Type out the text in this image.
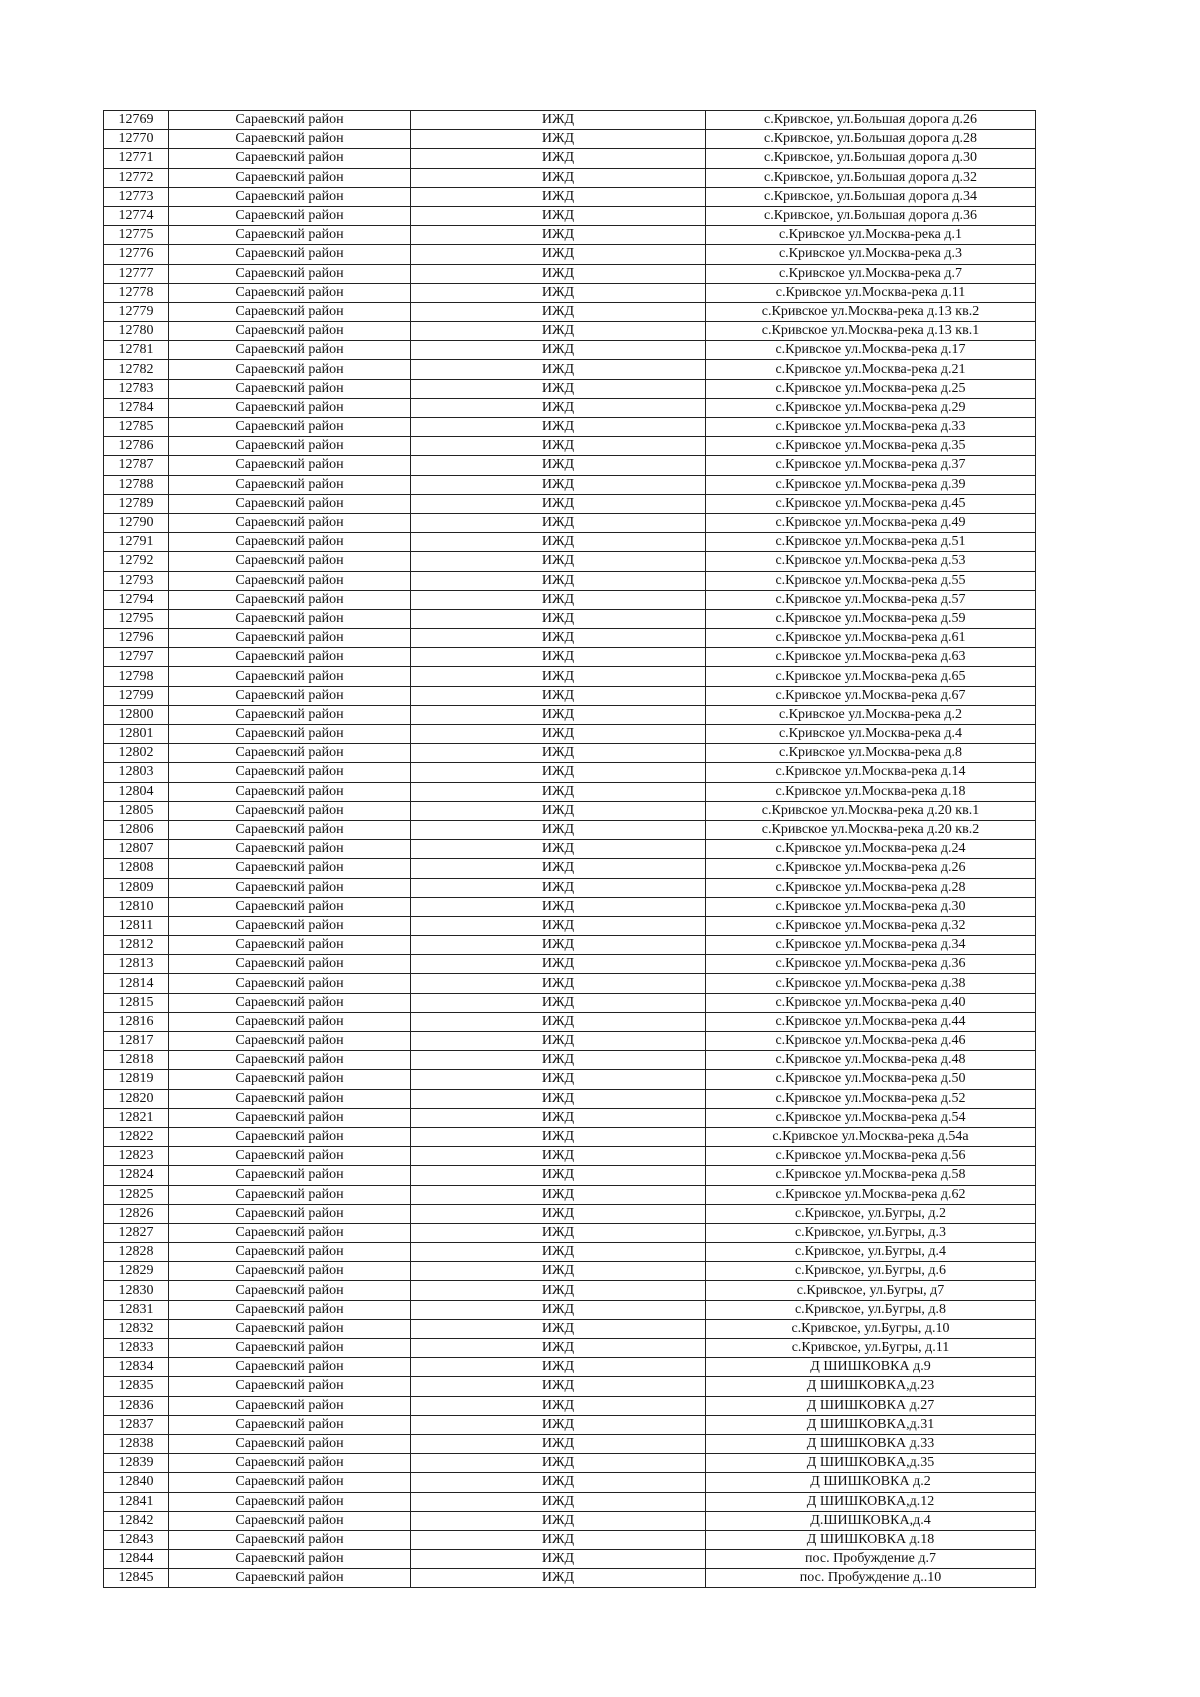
12769	Сараевский район	ИЖД	с.Кривское, ул.Большая дорога д.26
12770	Сараевский район	ИЖД	с.Кривское, ул.Большая дорога д.28
12771	Сараевский район	ИЖД	с.Кривское, ул.Большая дорога д.30
12772	Сараевский район	ИЖД	с.Кривское, ул.Большая дорога д.32
12773	Сараевский район	ИЖД	с.Кривское, ул.Большая дорога д.34
12774	Сараевский район	ИЖД	с.Кривское, ул.Большая дорога д.36
12775	Сараевский район	ИЖД	с.Кривское ул.Москва-река д.1
12776	Сараевский район	ИЖД	с.Кривское ул.Москва-река д.3
12777	Сараевский район	ИЖД	с.Кривское ул.Москва-река д.7
12778	Сараевский район	ИЖД	с.Кривское ул.Москва-река д.11
12779	Сараевский район	ИЖД	с.Кривское ул.Москва-река д.13 кв.2
12780	Сараевский район	ИЖД	с.Кривское ул.Москва-река д.13 кв.1
12781	Сараевский район	ИЖД	с.Кривское ул.Москва-река д.17
12782	Сараевский район	ИЖД	с.Кривское ул.Москва-река д.21
12783	Сараевский район	ИЖД	с.Кривское ул.Москва-река д.25
12784	Сараевский район	ИЖД	с.Кривское ул.Москва-река д.29
12785	Сараевский район	ИЖД	с.Кривское ул.Москва-река д.33
12786	Сараевский район	ИЖД	с.Кривское ул.Москва-река д.35
12787	Сараевский район	ИЖД	с.Кривское ул.Москва-река д.37
12788	Сараевский район	ИЖД	с.Кривское ул.Москва-река д.39
12789	Сараевский район	ИЖД	с.Кривское ул.Москва-река д.45
12790	Сараевский район	ИЖД	с.Кривское ул.Москва-река д.49
12791	Сараевский район	ИЖД	с.Кривское ул.Москва-река д.51
12792	Сараевский район	ИЖД	с.Кривское ул.Москва-река д.53
12793	Сараевский район	ИЖД	с.Кривское ул.Москва-река д.55
12794	Сараевский район	ИЖД	с.Кривское ул.Москва-река д.57
12795	Сараевский район	ИЖД	с.Кривское ул.Москва-река д.59
12796	Сараевский район	ИЖД	с.Кривское ул.Москва-река д.61
12797	Сараевский район	ИЖД	с.Кривское ул.Москва-река д.63
12798	Сараевский район	ИЖД	с.Кривское ул.Москва-река д.65
12799	Сараевский район	ИЖД	с.Кривское ул.Москва-река д.67
12800	Сараевский район	ИЖД	с.Кривское ул.Москва-река д.2
12801	Сараевский район	ИЖД	с.Кривское ул.Москва-река д.4
12802	Сараевский район	ИЖД	с.Кривское ул.Москва-река д.8
12803	Сараевский район	ИЖД	с.Кривское ул.Москва-река д.14
12804	Сараевский район	ИЖД	с.Кривское ул.Москва-река д.18
12805	Сараевский район	ИЖД	с.Кривское ул.Москва-река д.20 кв.1
12806	Сараевский район	ИЖД	с.Кривское ул.Москва-река д.20 кв.2
12807	Сараевский район	ИЖД	с.Кривское ул.Москва-река д.24
12808	Сараевский район	ИЖД	с.Кривское ул.Москва-река д.26
12809	Сараевский район	ИЖД	с.Кривское ул.Москва-река д.28
12810	Сараевский район	ИЖД	с.Кривское ул.Москва-река д.30
12811	Сараевский район	ИЖД	с.Кривское ул.Москва-река д.32
12812	Сараевский район	ИЖД	с.Кривское ул.Москва-река д.34
12813	Сараевский район	ИЖД	с.Кривское ул.Москва-река д.36
12814	Сараевский район	ИЖД	с.Кривское ул.Москва-река д.38
12815	Сараевский район	ИЖД	с.Кривское ул.Москва-река д.40
12816	Сараевский район	ИЖД	с.Кривское ул.Москва-река д.44
12817	Сараевский район	ИЖД	с.Кривское ул.Москва-река д.46
12818	Сараевский район	ИЖД	с.Кривское ул.Москва-река д.48
12819	Сараевский район	ИЖД	с.Кривское ул.Москва-река д.50
12820	Сараевский район	ИЖД	с.Кривское ул.Москва-река д.52
12821	Сараевский район	ИЖД	с.Кривское ул.Москва-река д.54
12822	Сараевский район	ИЖД	с.Кривское ул.Москва-река д.54а
12823	Сараевский район	ИЖД	с.Кривское ул.Москва-река д.56
12824	Сараевский район	ИЖД	с.Кривское ул.Москва-река д.58
12825	Сараевский район	ИЖД	с.Кривское ул.Москва-река д.62
12826	Сараевский район	ИЖД	с.Кривское, ул.Бугры, д.2
12827	Сараевский район	ИЖД	с.Кривское, ул.Бугры, д.3
12828	Сараевский район	ИЖД	с.Кривское, ул.Бугры, д.4
12829	Сараевский район	ИЖД	с.Кривское, ул.Бугры, д.6
12830	Сараевский район	ИЖД	с.Кривское, ул.Бугры, д7
12831	Сараевский район	ИЖД	с.Кривское, ул.Бугры, д.8
12832	Сараевский район	ИЖД	с.Кривское, ул.Бугры, д.10
12833	Сараевский район	ИЖД	с.Кривское, ул.Бугры, д.11
12834	Сараевский район	ИЖД	Д ШИШКОВКА д.9
12835	Сараевский район	ИЖД	Д ШИШКОВКА,д.23
12836	Сараевский район	ИЖД	Д ШИШКОВКА д.27
12837	Сараевский район	ИЖД	Д ШИШКОВКА,д.31
12838	Сараевский район	ИЖД	Д ШИШКОВКА д.33
12839	Сараевский район	ИЖД	Д ШИШКОВКА,д.35
12840	Сараевский район	ИЖД	Д ШИШКОВКА д.2
12841	Сараевский район	ИЖД	Д ШИШКОВКА,д.12
12842	Сараевский район	ИЖД	Д.ШИШКОВКА,д.4
12843	Сараевский район	ИЖД	Д ШИШКОВКА д.18
12844	Сараевский район	ИЖД	пос. Пробуждение д.7
12845	Сараевский район	ИЖД	пос. Пробуждение д..10
